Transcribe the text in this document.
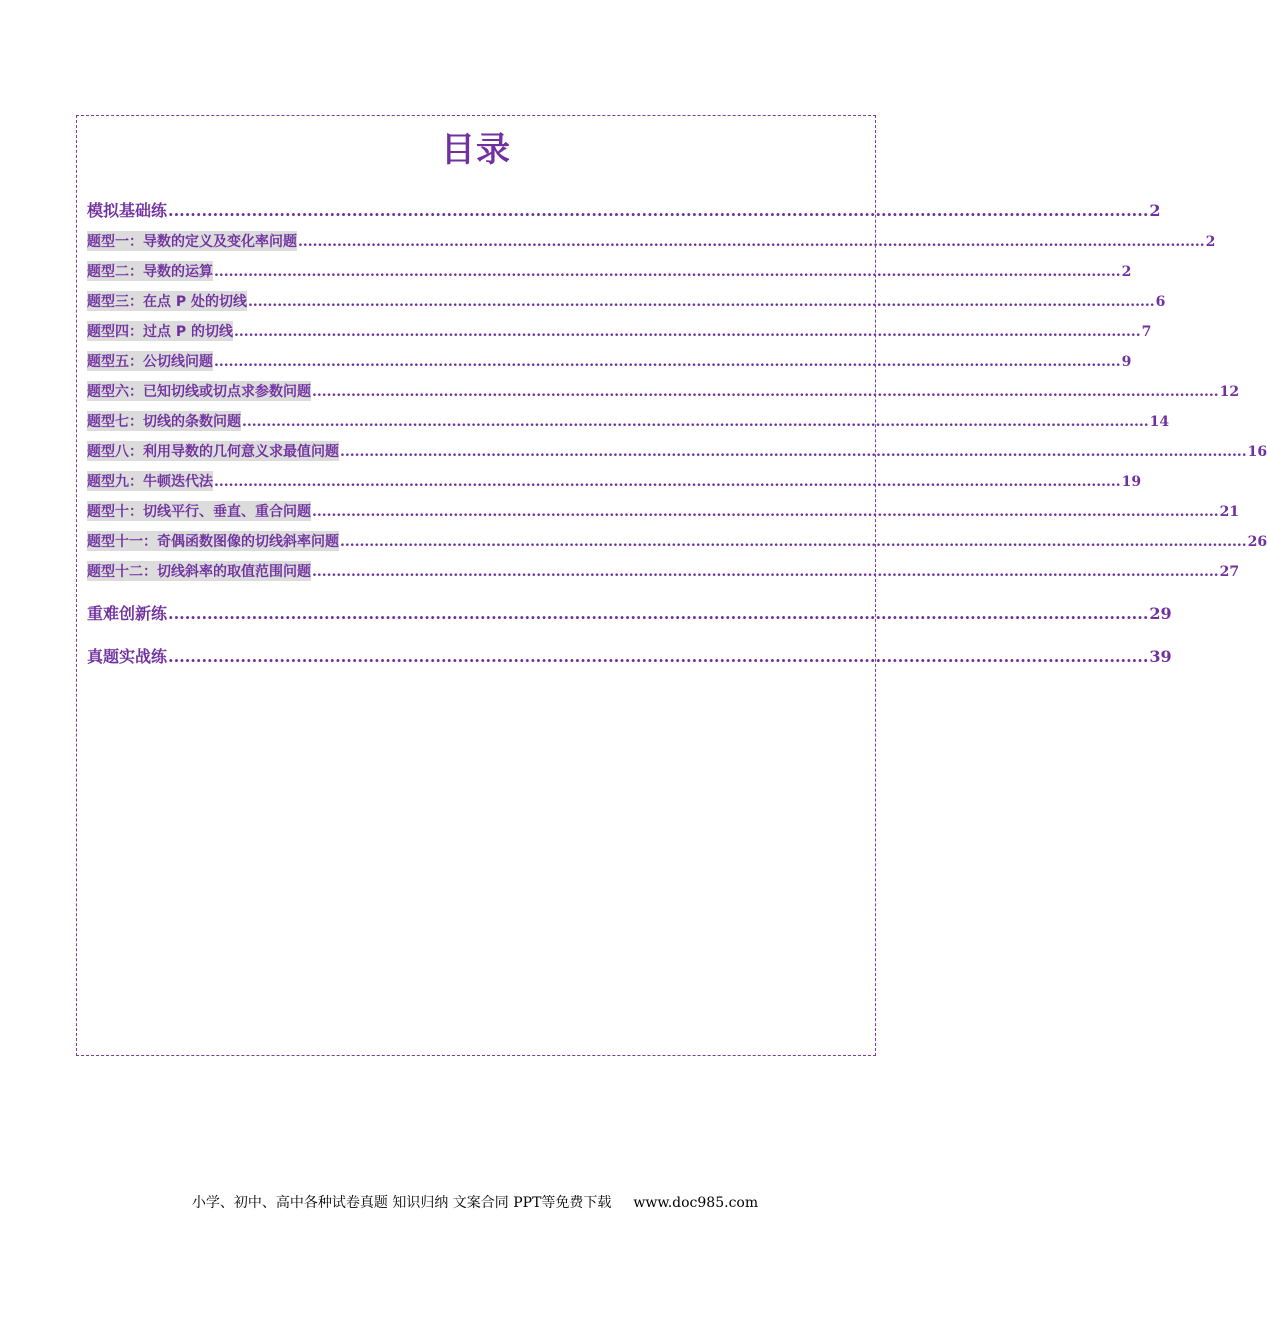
目录
模拟基础练 ................................................................................................................................................................................ 2
题型一：导数的定义及变化率问题 .......................................................................................................................................................................................... 2
题型二：导数的运算 .......................................................................................................................................................................................... 2
题型三：在点 P 处的切线 .......................................................................................................................................................................................... 6
题型四：过点 P 的切线 .......................................................................................................................................................................................... 7
题型五：公切线问题 .......................................................................................................................................................................................... 9
题型六：已知切线或切点求参数问题 .......................................................................................................................................................................................... 12
题型七：切线的条数问题 .......................................................................................................................................................................................... 14
题型八：利用导数的几何意义求最值问题 .......................................................................................................................................................................................... 16
题型九：牛顿迭代法 .......................................................................................................................................................................................... 19
题型十：切线平行、垂直、重合问题 .......................................................................................................................................................................................... 21
题型十一：奇偶函数图像的切线斜率问题 .......................................................................................................................................................................................... 26
题型十二：切线斜率的取值范围问题 .......................................................................................................................................................................................... 27
重难创新练 ................................................................................................................................................................................ 29
真题实战练 ................................................................................................................................................................................ 39
小学、初中、高中各种试卷真题 知识归纳 文案合同 PPT等免费下载 www.doc985.com
